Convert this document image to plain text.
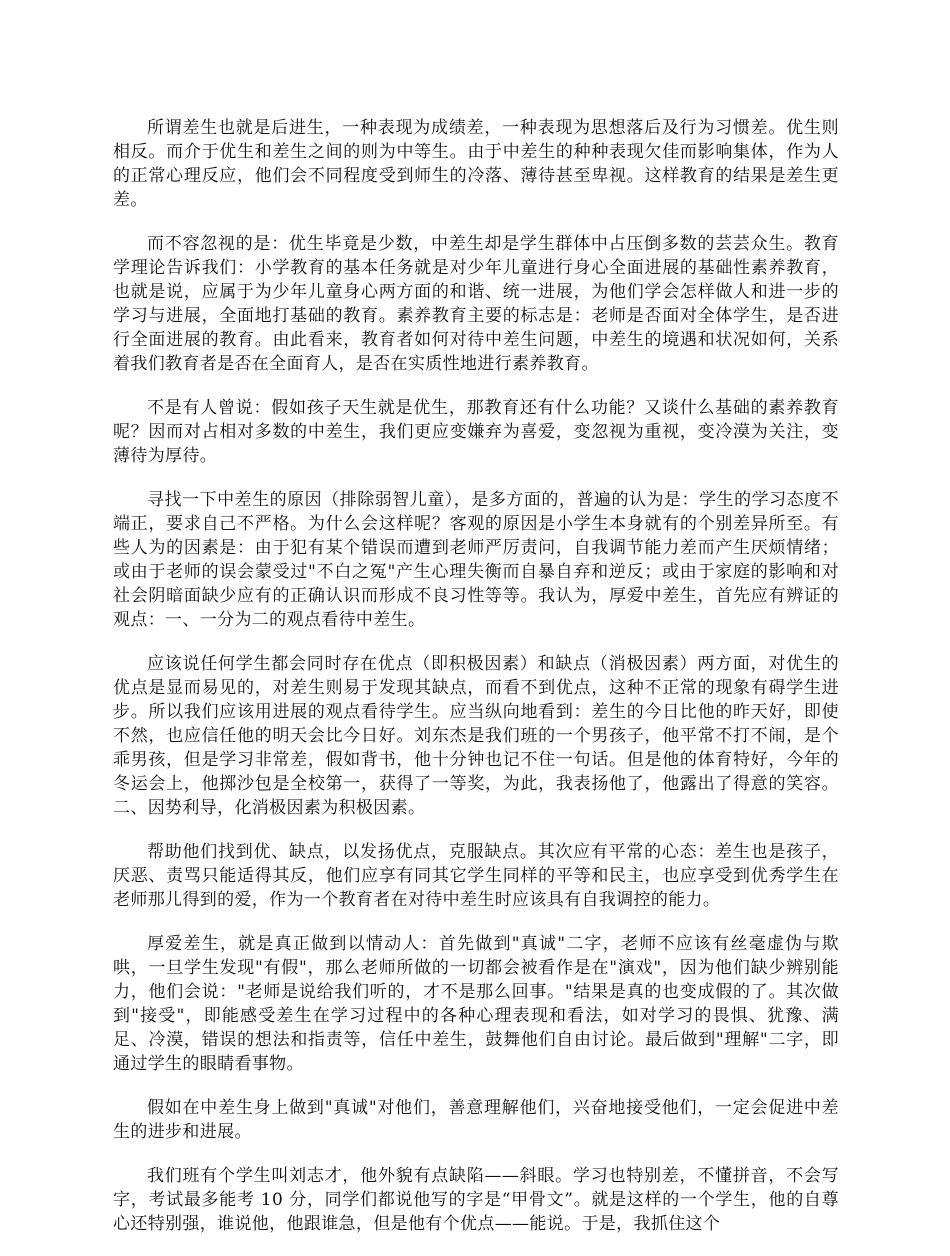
所谓差生也就是后进生，一种表现为成绩差，一种表现为思想落后及行为习惯差。优生则相反。而介于优生和差生之间的则为中等生。由于中差生的种种表现欠佳而影响集体，作为人的正常心理反应，他们会不同程度受到师生的冷落、薄待甚至卑视。这样教育的结果是差生更差。

而不容忽视的是：优生毕竟是少数，中差生却是学生群体中占压倒多数的芸芸众生。教育学理论告诉我们：小学教育的基本任务就是对少年儿童进行身心全面进展的基础性素养教育，也就是说，应属于为少年儿童身心两方面的和谐、统一进展，为他们学会怎样做人和进一步的学习与进展，全面地打基础的教育。素养教育主要的标志是：老师是否面对全体学生，是否进行全面进展的教育。由此看来，教育者如何对待中差生问题，中差生的境遇和状况如何，关系着我们教育者是否在全面育人，是否在实质性地进行素养教育。

不是有人曾说：假如孩子天生就是优生，那教育还有什么功能？又谈什么基础的素养教育呢？因而对占相对多数的中差生，我们更应变嫌弃为喜爱，变忽视为重视，变冷漠为关注，变薄待为厚待。

寻找一下中差生的原因（排除弱智儿童），是多方面的，普遍的认为是：学生的学习态度不端正，要求自己不严格。为什么会这样呢？客观的原因是小学生本身就有的个别差异所至。有些人为的因素是：由于犯有某个错误而遭到老师严厉责问，自我调节能力差而产生厌烦情绪；或由于老师的误会蒙受过"不白之冤"产生心理失衡而自暴自弃和逆反；或由于家庭的影响和对社会阴暗面缺少应有的正确认识而形成不良习性等等。我认为，厚爱中差生，首先应有辨证的观点：一、一分为二的观点看待中差生。

应该说任何学生都会同时存在优点（即积极因素）和缺点（消极因素）两方面，对优生的优点是显而易见的，对差生则易于发现其缺点，而看不到优点，这种不正常的现象有碍学生进步。所以我们应该用进展的观点看待学生。应当纵向地看到：差生的今日比他的昨天好，即使不然，也应信任他的明天会比今日好。刘东杰是我们班的一个男孩子，他平常不打不闹，是个乖男孩，但是学习非常差，假如背书，他十分钟也记不住一句话。但是他的体育特好，今年的冬运会上，他掷沙包是全校第一，获得了一等奖，为此，我表扬他了，他露出了得意的笑容。二、因势利导，化消极因素为积极因素。

帮助他们找到优、缺点，以发扬优点，克服缺点。其次应有平常的心态：差生也是孩子，厌恶、责骂只能适得其反，他们应享有同其它学生同样的平等和民主，也应享受到优秀学生在老师那儿得到的爱，作为一个教育者在对待中差生时应该具有自我调控的能力。

厚爱差生，就是真正做到以情动人：首先做到"真诚"二字，老师不应该有丝毫虚伪与欺哄，一旦学生发现"有假"，那么老师所做的一切都会被看作是在"演戏"，因为他们缺少辨别能力，他们会说："老师是说给我们听的，才不是那么回事。"结果是真的也变成假的了。其次做到"接受"，即能感受差生在学习过程中的各种心理表现和看法，如对学习的畏惧、犹豫、满足、冷漠，错误的想法和指责等，信任中差生，鼓舞他们自由讨论。最后做到"理解"二字，即通过学生的眼睛看事物。

假如在中差生身上做到"真诚"对他们，善意理解他们，兴奋地接受他们，一定会促进中差生的进步和进展。

我们班有个学生叫刘志才，他外貌有点缺陷——斜眼。学习也特别差，不懂拼音，不会写字，考试最多能考 10 分，同学们都说他写的字是“甲骨文”。就是这样的一个学生，他的自尊心还特别强，谁说他，他跟谁急，但是他有个优点——能说。于是，我抓住这个
